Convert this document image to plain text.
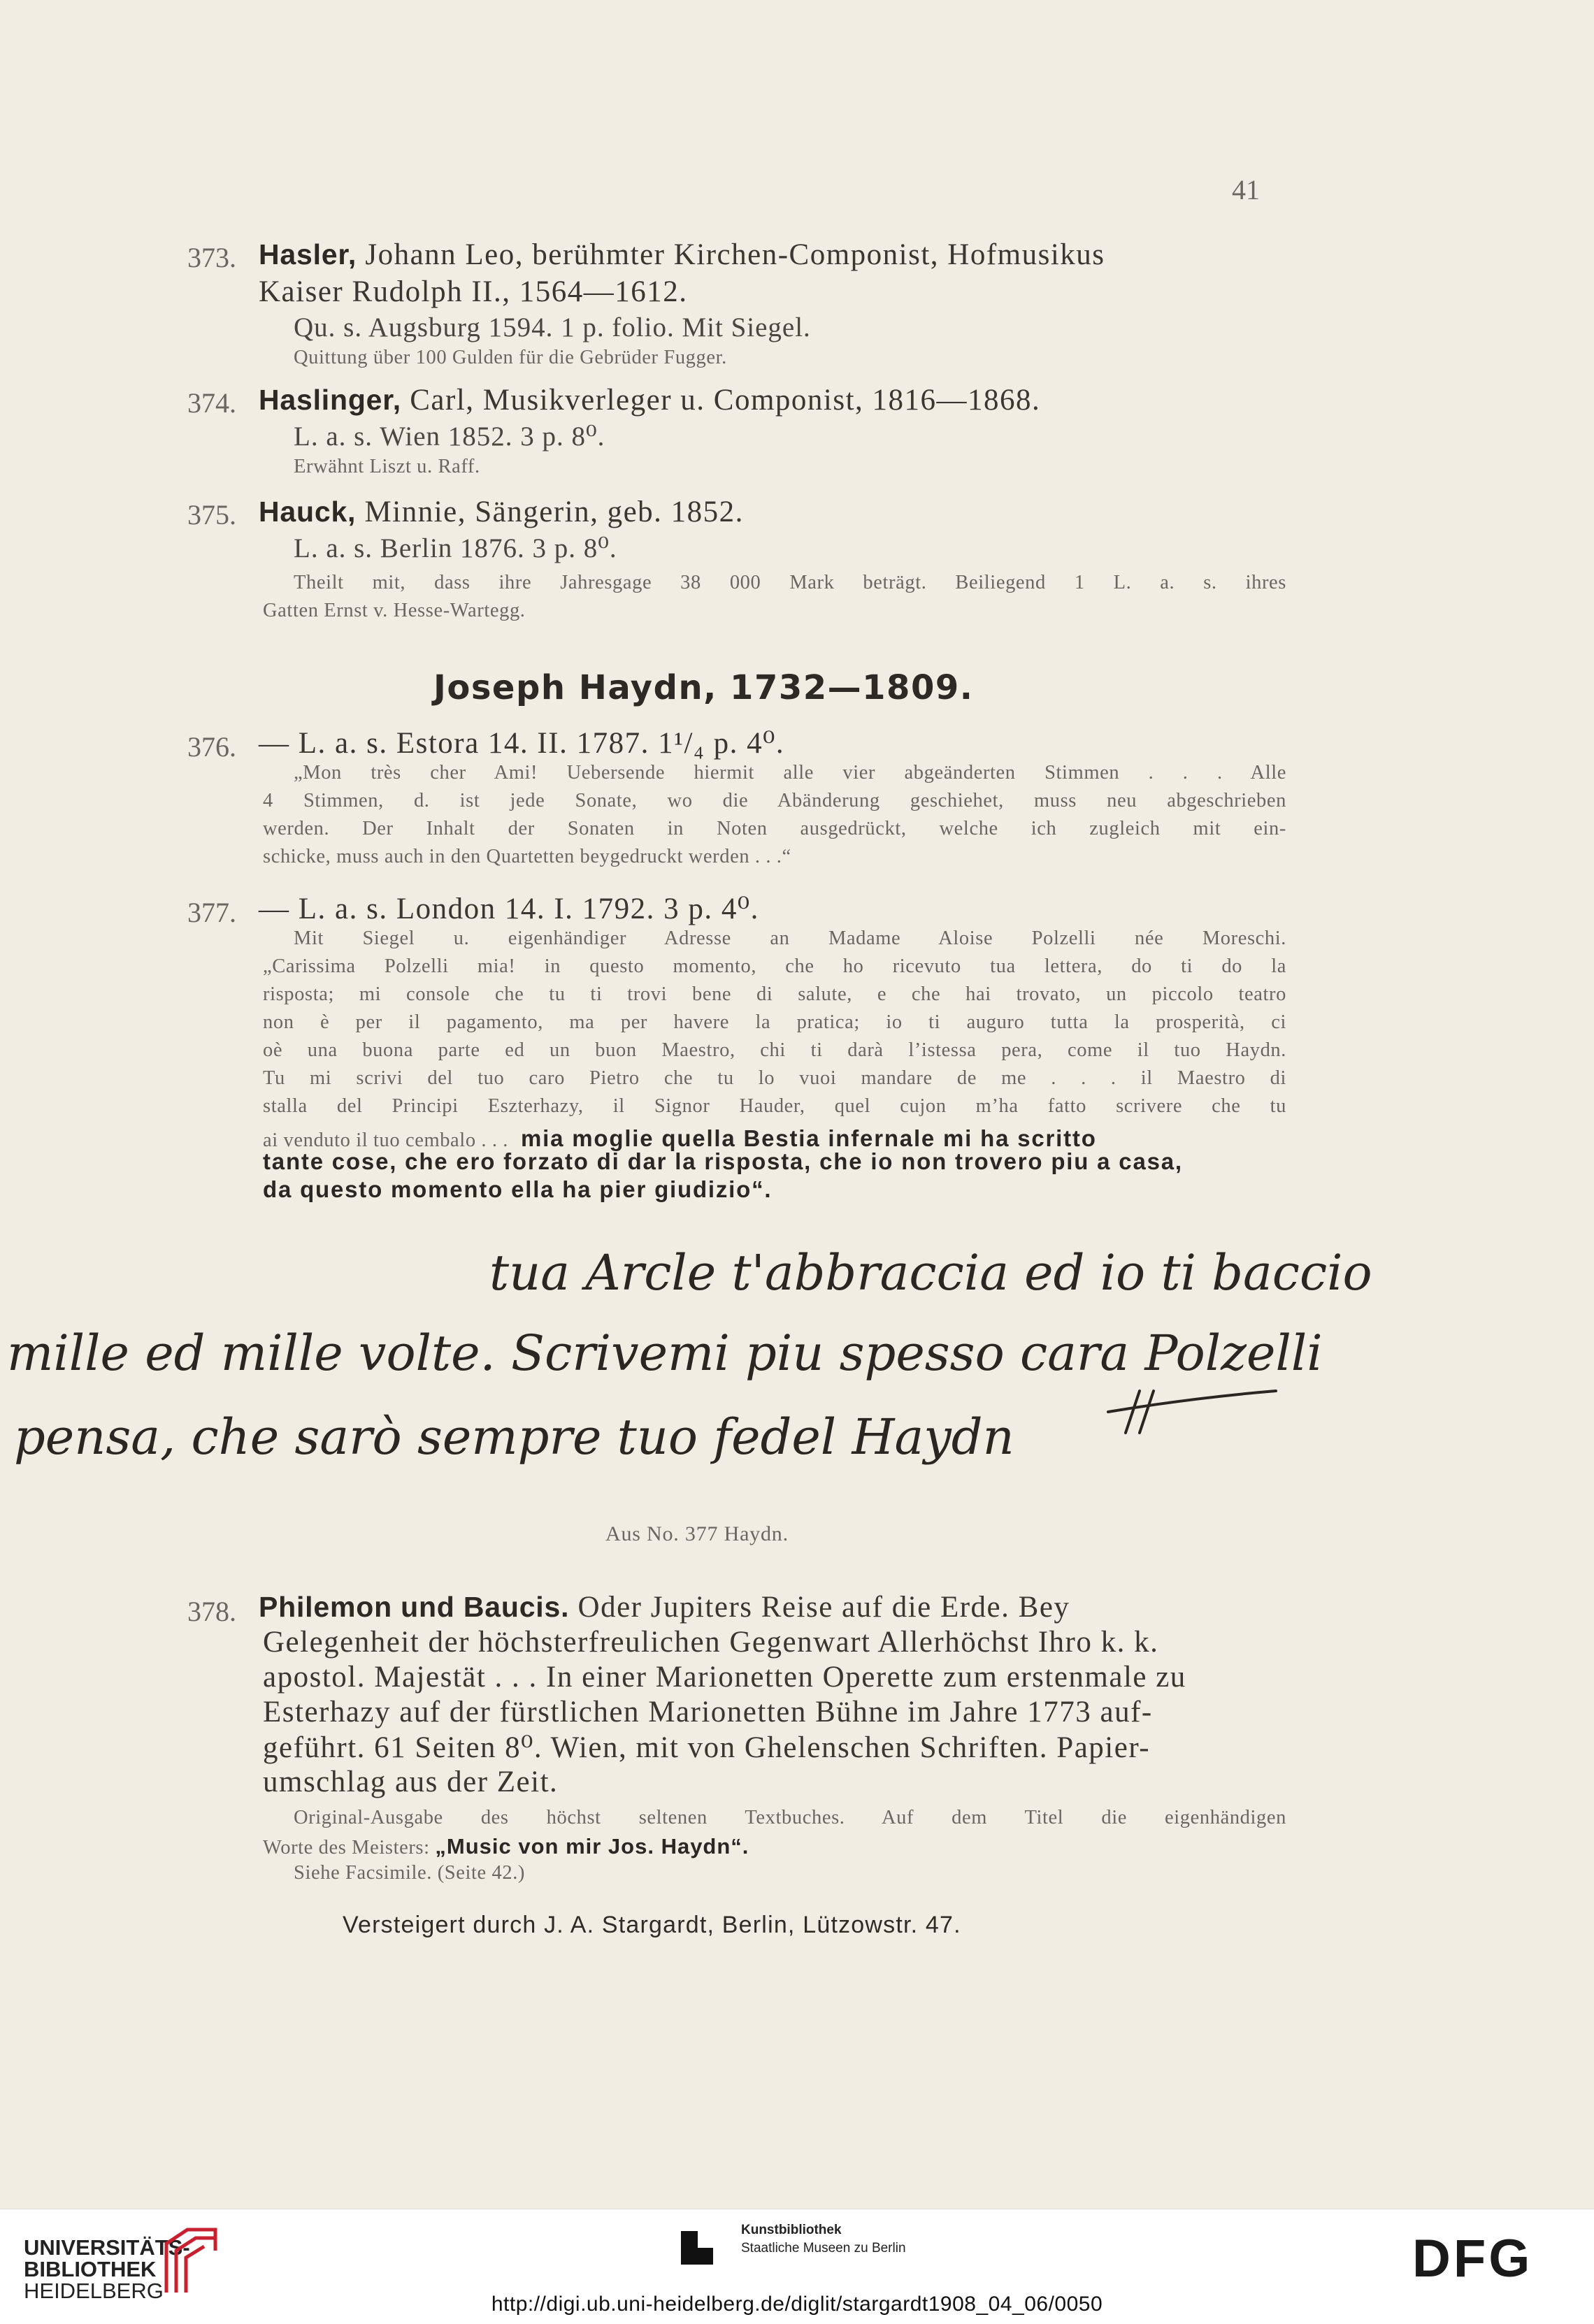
41
373. Hasler, Johann Leo, berühmter Kirchen-Componist, Hofmusikus
Kaiser Rudolph II., 1564—1612.
Qu. s. Augsburg 1594. 1 p. folio. Mit Siegel.
Quittung über 100 Gulden für die Gebrüder Fugger.
374. Haslinger, Carl, Musikverleger u. Componist, 1816—1868.
L. a. s. Wien 1852. 3 p. 8⁰.
Erwähnt Liszt u. Raff.
375. Hauck, Minnie, Sängerin, geb. 1852.
L. a. s. Berlin 1876. 3 p. 8⁰.
Theilt mit, dass ihre Jahresgage 38 000 Mark beträgt. Beiliegend 1 L. a. s. ihres
Gatten Ernst v. Hesse-Wartegg.
Joseph Haydn, 1732—1809.
376. — L. a. s. Estora 14. II. 1787. 1¹/₄ p. 4⁰.
„Mon très cher Ami! Uebersende hiermit alle vier abgeänderten Stimmen . . . Alle
4 Stimmen, d. ist jede Sonate, wo die Abänderung geschiehet, muss neu abgeschrieben
werden. Der Inhalt der Sonaten in Noten ausgedrückt, welche ich zugleich mit ein-
schicke, muss auch in den Quartetten beygedruckt werden . . .“
377. — L. a. s. London 14. I. 1792. 3 p. 4⁰.
Mit Siegel u. eigenhändiger Adresse an Madame Aloise Polzelli née Moreschi.
„Carissima Polzelli mia! in questo momento, che ho ricevuto tua lettera, do ti do la
risposta; mi console che tu ti trovi bene di salute, e che hai trovato, un piccolo teatro
non è per il pagamento, ma per havere la pratica; io ti auguro tutta la prosperità, ci
oè una buona parte ed un buon Maestro, chi ti darà l’istessa pera, come il tuo Haydn.
Tu mi scrivi del tuo caro Pietro che tu lo vuoi mandare de me . . . il Maestro di
stalla del Principi Eszterhazy, il Signor Hauder, quel cujon m’ha fatto scrivere che tu
ai venduto il tuo cembalo . . . mia moglie quella Bestia infernale mi ha scritto
tante cose, che ero forzato di dar la risposta, che io non trovero piu a casa,
da questo momento ella ha pier giudizio“.
tua Arcle t'abbraccia ed io ti baccio
mille ed mille volte. Scrivemi piu spesso cara Polzelli
pensa, che sarò sempre tuo fedel Haydn
Aus No. 377 Haydn.
378. Philemon und Baucis. Oder Jupiters Reise auf die Erde. Bey
Gelegenheit der höchsterfreulichen Gegenwart Allerhöchst Ihro k. k.
apostol. Majestät . . . In einer Marionetten Operette zum erstenmale zu
Esterhazy auf der fürstlichen Marionetten Bühne im Jahre 1773 auf-
geführt. 61 Seiten 8⁰. Wien, mit von Ghelenschen Schriften. Papier-
umschlag aus der Zeit.
Original-Ausgabe des höchst seltenen Textbuches. Auf dem Titel die eigenhändigen
Worte des Meisters: „Music von mir Jos. Haydn“.
Siehe Facsimile. (Seite 42.)
Versteigert durch J. A. Stargardt, Berlin, Lützowstr. 47.
UNIVERSITÄTS-
BIBLIOTHEK
HEIDELBERG
Kunstbibliothek
Staatliche Museen zu Berlin	DFG
http://digi.ub.uni-heidelberg.de/diglit/stargardt1908_04_06/0050
